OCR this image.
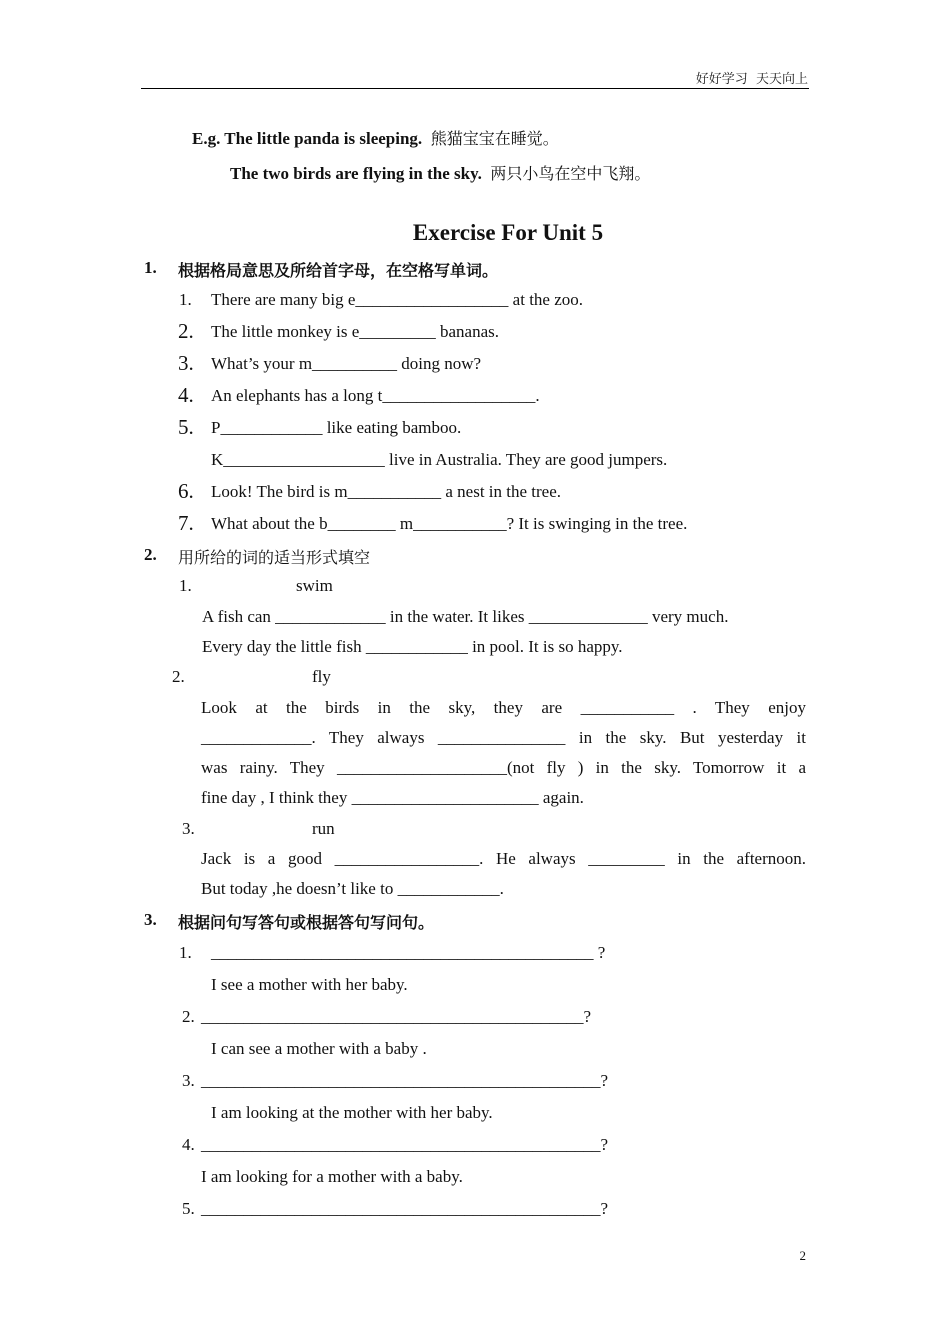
好好学习  天天向上
E.g. The little panda is sleeping. 熊猫宝宝在睡觉。
The two birds are flying in the sky. 两只小鸟在空中飞翔。
Exercise For Unit 5
1. 根据格局意思及所给首字母，在空格写单词。
1. There are many big e__________________ at the zoo.
2. The little monkey is e_________ bananas.
3. What’s your m__________ doing now?
4. An elephants has a long t__________________.
5. P____________ like eating bamboo.
K___________________ live in Australia. They are good jumpers.
6. Look! The bird is m___________ a nest in the tree.
7. What about the b________ m___________? It is swinging in the tree.
2. 用所给的词的适当形式填空
1.	swim
A fish can _____________ in the water. It likes ______________ very much.
Every day the little fish ____________ in pool. It is so happy.
2.	fly
Look at the birds in the sky, they are ___________ . They enjoy
_____________. They always _______________ in the sky. But yesterday it
was rainy. They ____________________(not fly ) in the sky. Tomorrow it a
fine day , I think they ______________________ again.
3.	run
Jack is a good _________________. He always _________ in the afternoon.
But today ,he doesn’t like to ____________.
3. 根据问句写答句或根据答句写问句。
1. _____________________________________________ ?
I see a mother with her baby.
2. _____________________________________________?
I can see a mother with a baby .
3. _______________________________________________?
I am looking at the mother with her baby.
4. _______________________________________________?
I am looking for a mother with a baby.
5. _______________________________________________?
2
